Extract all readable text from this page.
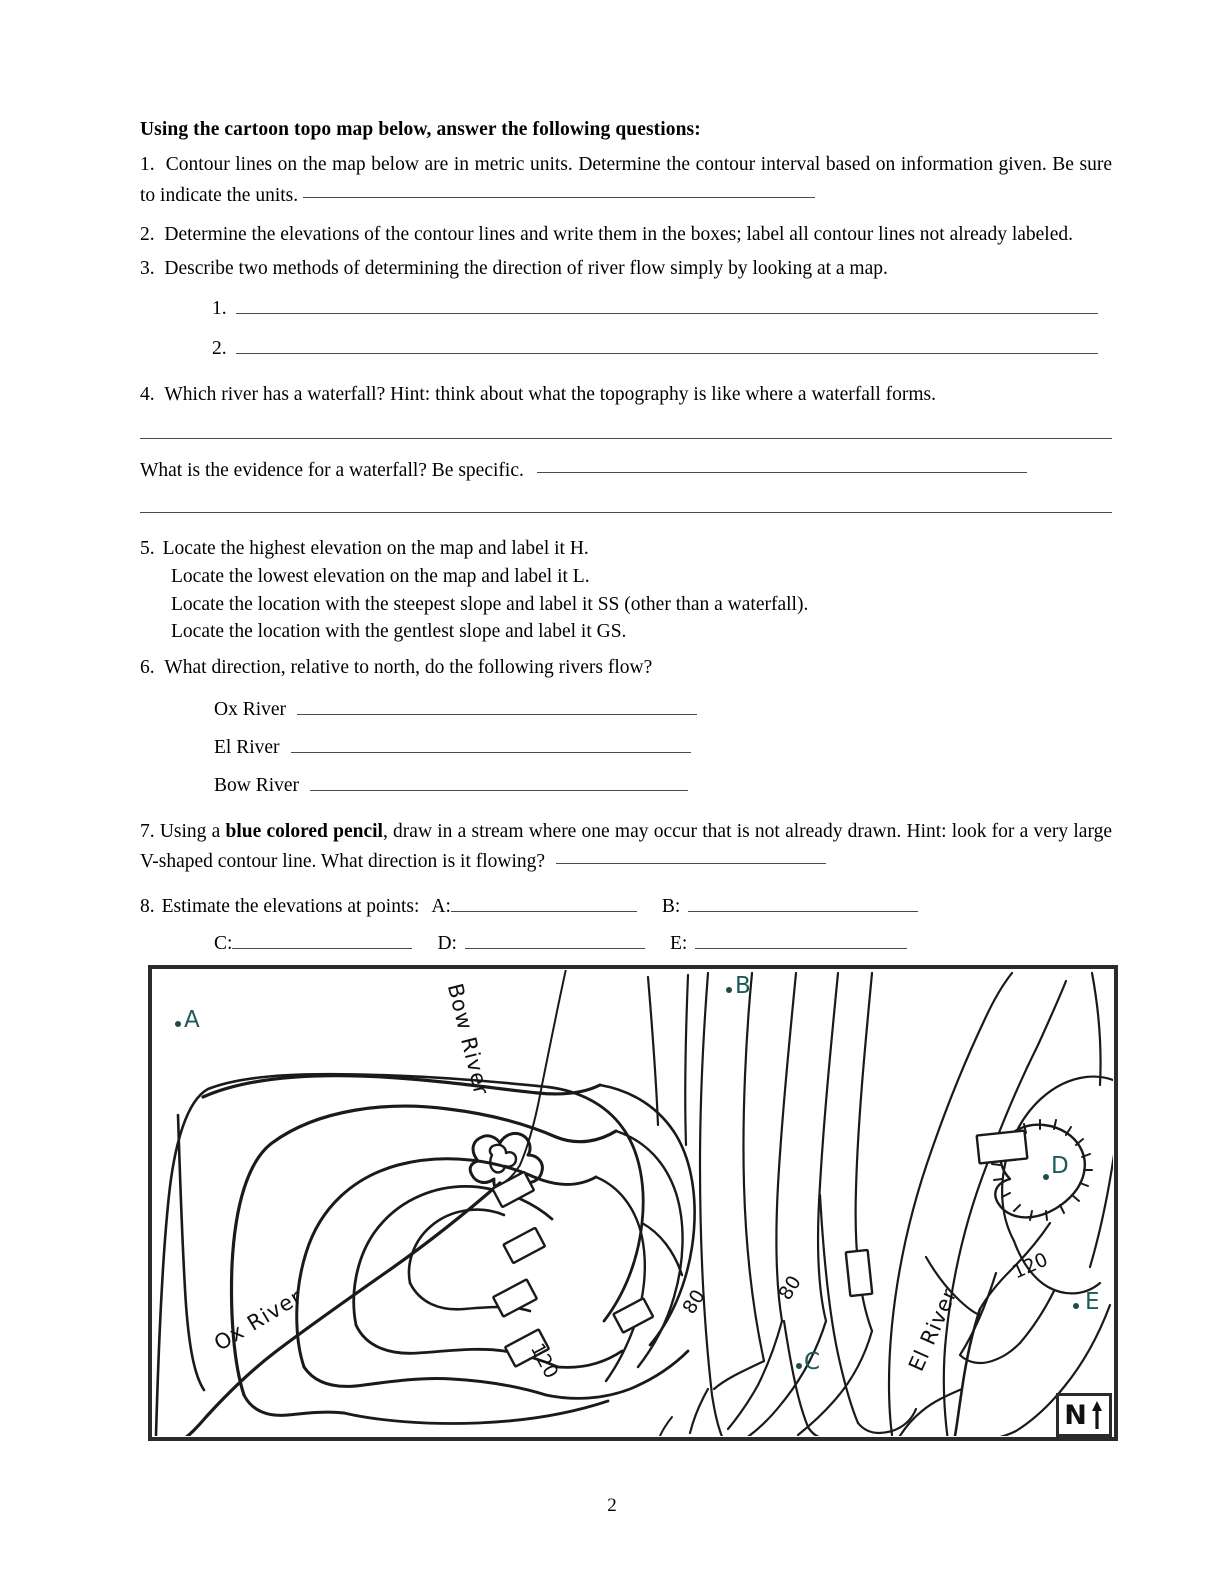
Using the cartoon topo map below, answer the following questions:
1. Contour lines on the map below are in metric units. Determine the contour interval based on information given. Be sure to indicate the units.
2. Determine the elevations of the contour lines and write them in the boxes; label all contour lines not already labeled.
3. Describe two methods of determining the direction of river flow simply by looking at a map.
1.
2.
4. Which river has a waterfall? Hint: think about what the topography is like where a waterfall forms.
What is the evidence for a waterfall? Be specific.
5. Locate the highest elevation on the map and label it H.
Locate the lowest elevation on the map and label it L.
Locate the location with the steepest slope and label it SS (other than a waterfall).
Locate the location with the gentlest slope and label it GS.
6. What direction, relative to north, do the following rivers flow?
Ox River
El River
Bow River
7. Using a blue colored pencil, draw in a stream where one may occur that is not already drawn. Hint: look for a very large V-shaped contour line. What direction is it flowing?
8. Estimate the elevations at points: A:	B:
C:	D:	E:
Bow River
Ox River	El River
120
80	80
120
A
B
C
D
E
N
2
